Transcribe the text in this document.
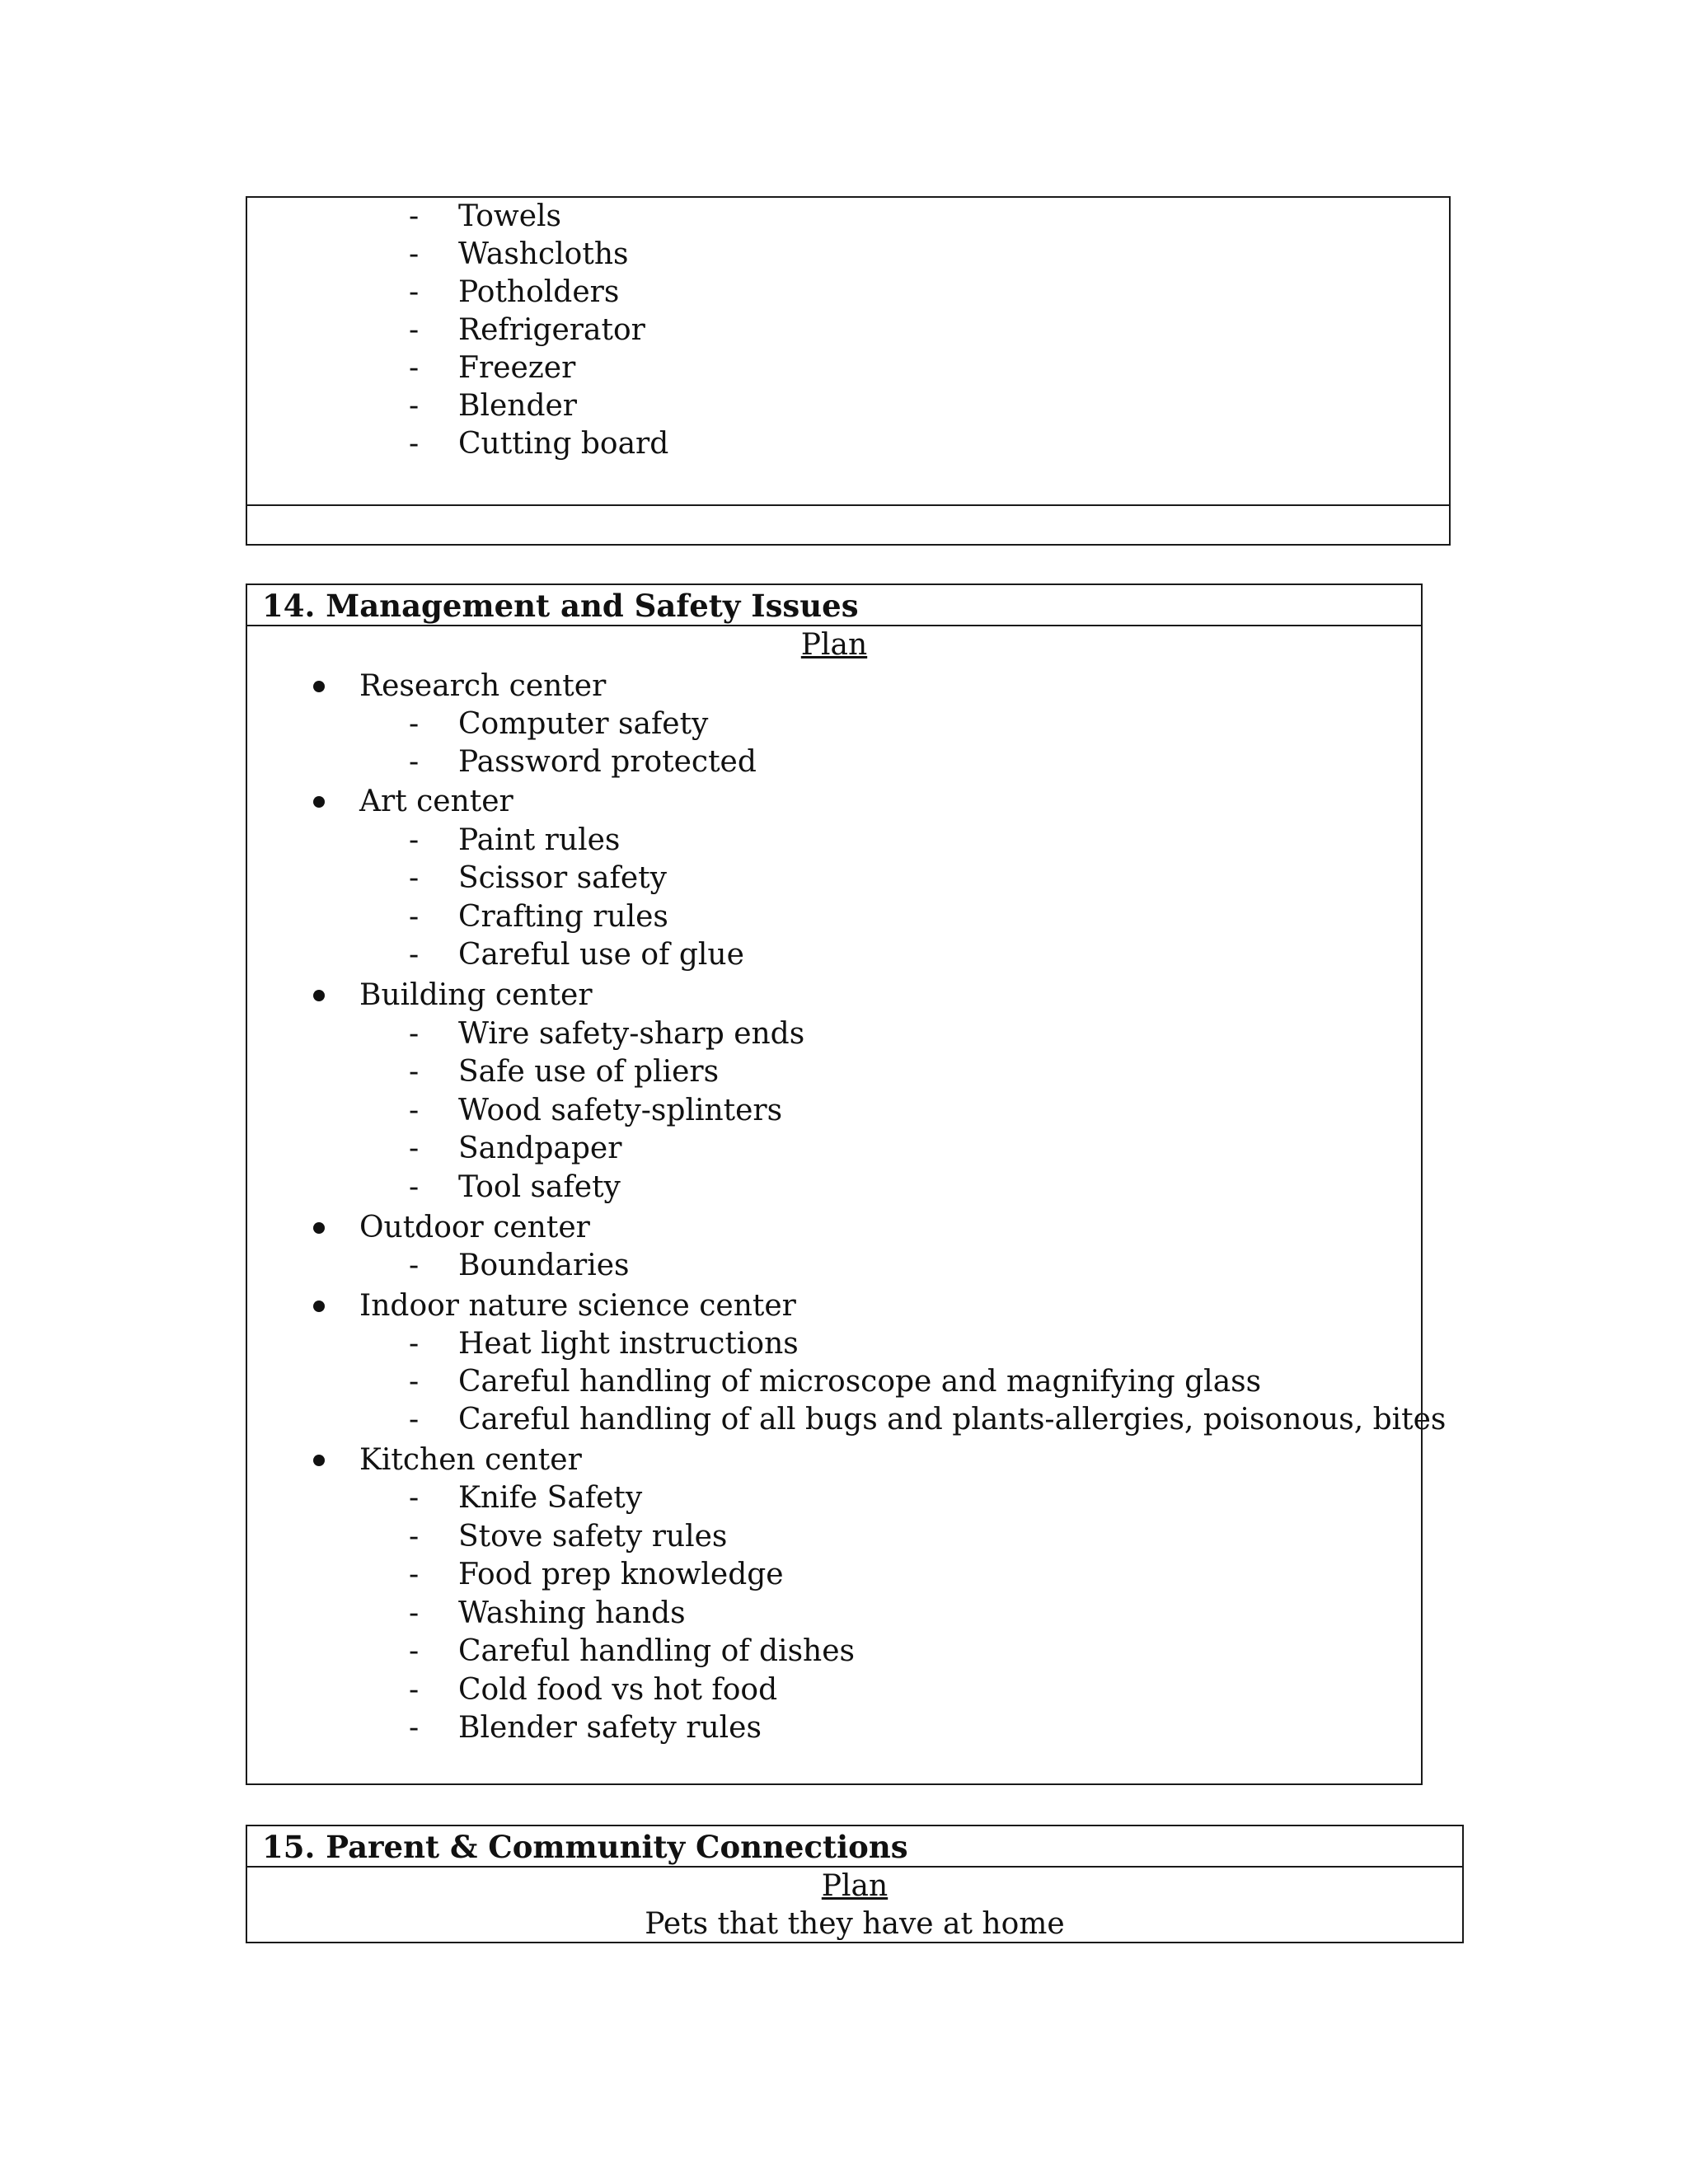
- Towels
- Washcloths
- Potholders
- Refrigerator
- Freezer
- Blender
- Cutting board
14. Management and Safety Issues
Plan
Research center
- Computer safety
- Password protected
Art center
- Paint rules
- Scissor safety
- Crafting rules
- Careful use of glue
Building center
- Wire safety-sharp ends
- Safe use of pliers
- Wood safety-splinters
- Sandpaper
- Tool safety
Outdoor center
- Boundaries
Indoor nature science center
- Heat light instructions
- Careful handling of microscope and magnifying glass
- Careful handling of all bugs and plants-allergies, poisonous, bites
Kitchen center
- Knife Safety
- Stove safety rules
- Food prep knowledge
- Washing hands
- Careful handling of dishes
- Cold food vs hot food
- Blender safety rules
15. Parent & Community Connections
Plan
Pets that they have at home
